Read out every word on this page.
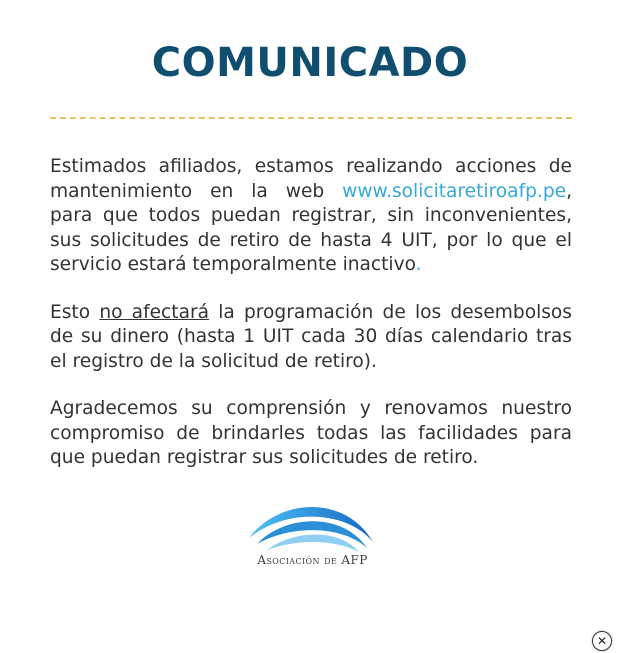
COMUNICADO

Estimados afiliados, estamos realizando acciones de mantenimiento en la web www.solicitaretiroafp.pe, para que todos puedan registrar, sin inconvenientes, sus solicitudes de retiro de hasta 4 UIT, por lo que el servicio estará temporalmente inactivo.

Esto no afectará la programación de los desembolsos de su dinero (hasta 1 UIT cada 30 días calendario tras el registro de la solicitud de retiro).

Agradecemos su comprensión y renovamos nuestro compromiso de brindarles todas las facilidades para que puedan registrar sus solicitudes de retiro.

Asociación de AFP
✕
